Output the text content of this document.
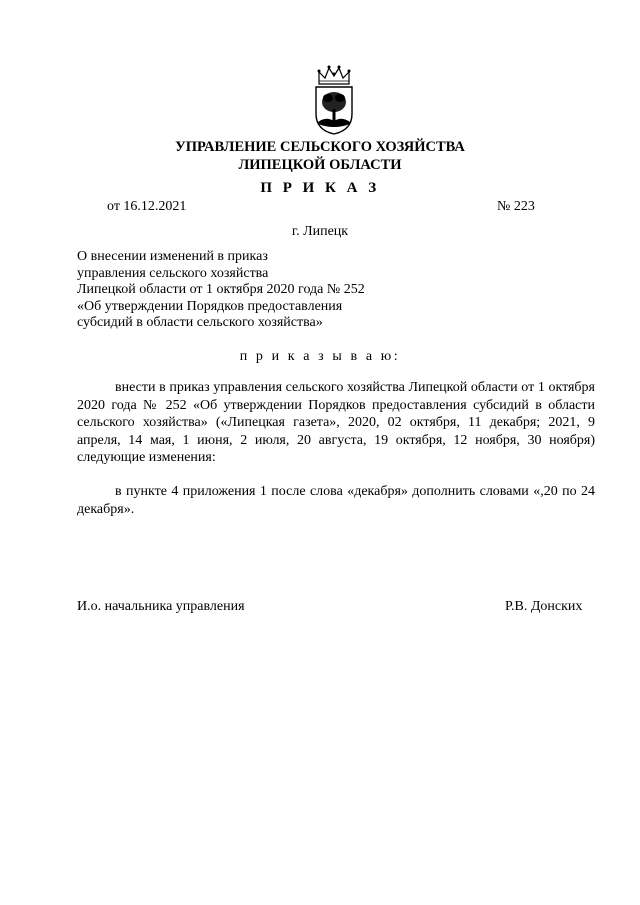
УПРАВЛЕНИЕ СЕЛЬСКОГО ХОЗЯЙСТВА
ЛИПЕЦКОЙ ОБЛАСТИ
П Р И К А З
от 16.12.2021	№ 223
г. Липецк
О внесении изменений в приказ
управления сельского хозяйства
Липецкой области от 1 октября 2020 года № 252
«Об утверждении Порядков предоставления
субсидий в области сельского хозяйства»
п р и к а з ы в а ю:
внести в приказ управления сельского хозяйства Липецкой области от 1 октября 2020 года № 252 «Об утверждении Порядков предоставления субсидий в области сельского хозяйства» («Липецкая газета», 2020, 02 октября, 11 декабря; 2021, 9 апреля, 14 мая, 1 июня, 2 июля, 20 августа, 19 октября, 12 ноября, 30 ноября) следующие изменения:
в пункте 4 приложения 1 после слова «декабря» дополнить словами «,20 по 24 декабря».
И.о. начальника управления	Р.В. Донских
